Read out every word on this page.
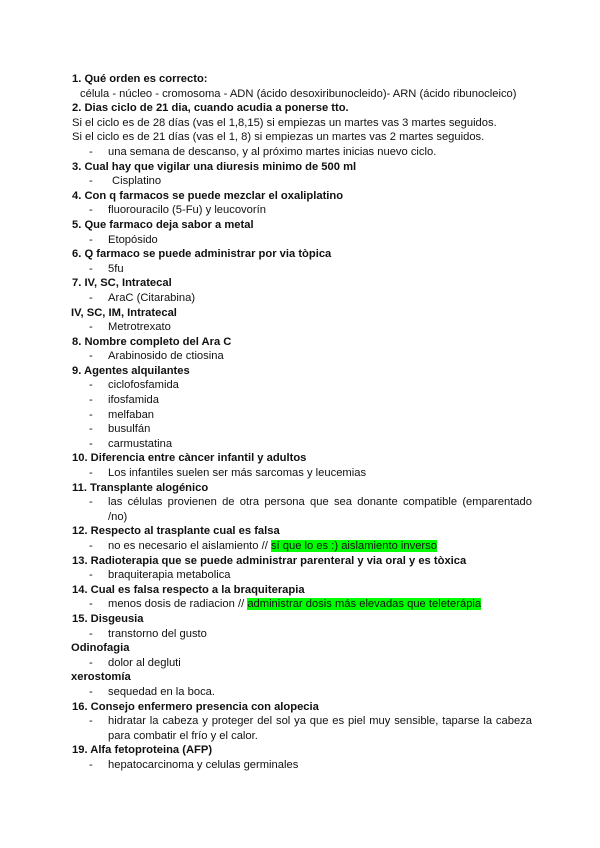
1. Qué orden es correcto:
célula - núcleo - cromosoma - ADN (ácido desoxiribunocleido)- ARN (ácido ribunocleico)
2. Dias ciclo de 21 dia, cuando acudia a ponerse tto.
Si el ciclo es de 28 días (vas el 1,8,15) si empiezas un martes vas 3 martes seguidos.
Si el ciclo es de 21 días (vas el 1, 8) si empiezas un martes vas 2 martes seguidos.
- una semana de descanso, y al próximo martes inicias nuevo ciclo.
3. Cual hay que vigilar una diuresis minimo de 500 ml
- Cisplatino
4. Con q farmacos se puede mezclar el oxaliplatino
- fluorouracilo (5-Fu) y leucovorín
5. Que farmaco deja sabor a metal
- Etopósido
6. Q farmaco se puede administrar por via tòpica
- 5fu
7. IV, SC, Intratecal
- AraC (Citarabina)
IV, SC, IM, Intratecal
- Metrotrexato
8. Nombre completo del Ara C
- Arabinosido de ctiosina
9. Agentes alquilantes
- ciclofosfamida
- ifosfamida
- melfaban
- busulfán
- carmustatina
10. Diferencia entre càncer infantil y adultos
- Los infantiles suelen ser más sarcomas y leucemias
11. Transplante alogénico
- las células provienen de otra persona que sea donante compatible (emparentado /no)
12. Respecto al trasplante cual es falsa
- no es necesario el aislamiento // sí que lo es :) aislamiento inverso
13. Radioterapia que se puede administrar parenteral y via oral y es tòxica
- braquiterapia metabolica
14. Cual es falsa respecto a la braquiterapia
- menos dosis de radiacion // administrar dosis más elevadas que teleterápia
15. Disgeusia
- transtorno del gusto
Odinofagia
- dolor al degluti
xerostomía
- sequedad en la boca.
16. Consejo enfermero presencia con alopecia
- hidratar la cabeza y proteger del sol ya que es piel muy sensible, taparse la cabeza para combatir el frío y el calor.
19. Alfa fetoproteina (AFP)
- hepatocarcinoma y celulas germinales
